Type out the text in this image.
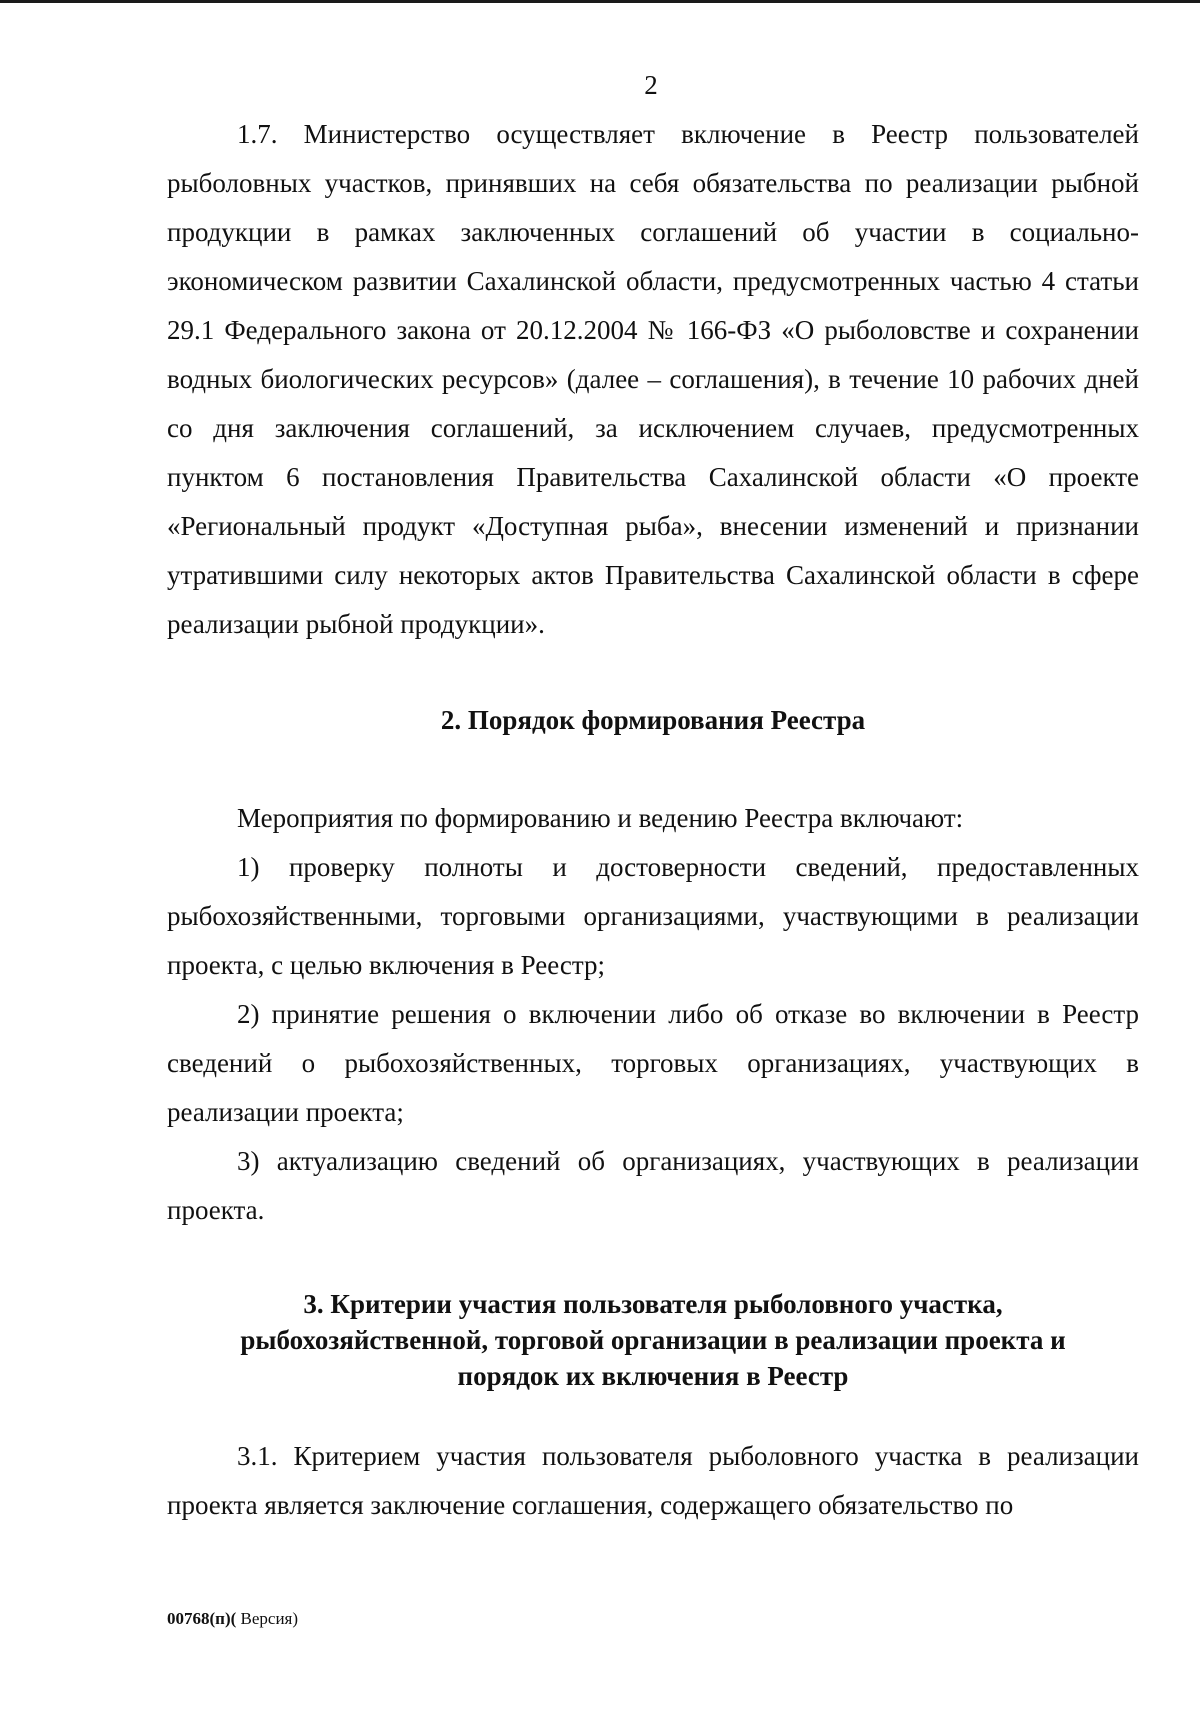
2

1.7. Министерство осуществляет включение в Реестр пользователей рыболовных участков, принявших на себя обязательства по реализации рыбной продукции в рамках заключенных соглашений об участии в социально-экономическом развитии Сахалинской области, предусмотренных частью 4 статьи 29.1 Федерального закона от 20.12.2004 № 166-ФЗ «О рыболовстве и сохранении водных биологических ресурсов» (далее – соглашения), в течение 10 рабочих дней со дня заключения соглашений, за исключением случаев, предусмотренных пунктом 6 постановления Правительства Сахалинской области «О проекте «Региональный продукт «Доступная рыба», внесении изменений и признании утратившими силу некоторых актов Правительства Сахалинской области в сфере реализации рыбной продукции».

2. Порядок формирования Реестра

Мероприятия по формированию и ведению Реестра включают:

1) проверку полноты и достоверности сведений, предоставленных рыбохозяйственными, торговыми организациями, участвующими в реализации проекта, с целью включения в Реестр;

2) принятие решения о включении либо об отказе во включении в Реестр сведений о рыбохозяйственных, торговых организациях, участвующих в реализации проекта;

3) актуализацию сведений об организациях, участвующих в реализации проекта.

3. Критерии участия пользователя рыболовного участка,
рыбохозяйственной, торговой организации в реализации проекта и
порядок их включения в Реестр

3.1. Критерием участия пользователя рыболовного участка в реализации проекта является заключение соглашения, содержащего обязательство по

00768(п)( Версия)
